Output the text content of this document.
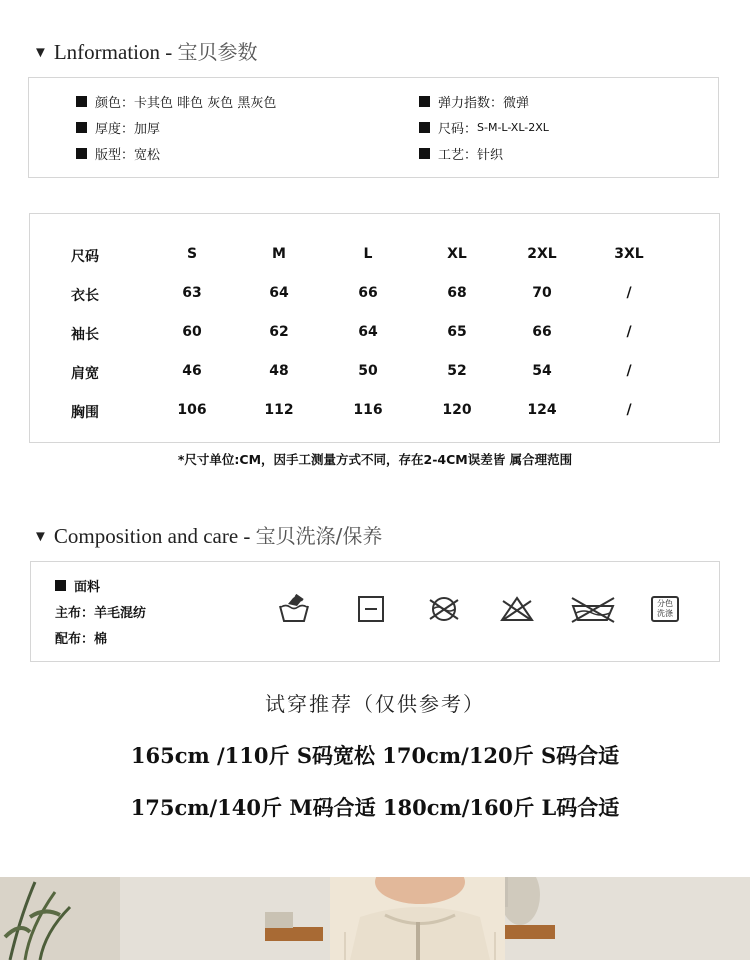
▼ Lnformation - 宝贝参数
颜色： 卡其色 啡色 灰色 黑灰色
厚度： 加厚
版型： 宽松
弹力指数： 微弹
尺码： S-M-L-XL-2XL
工艺： 针织
尺码	S	M	L	XL	2XL	3XL
衣长	63	64	66	68	70	/
袖长	60	62	64	65	66	/
肩宽	46	48	50	52	54	/
胸围	106	112	116	120	124	/
*尺寸单位:CM，因手工测量方式不同，存在2-4CM误差皆 属合理范围
▼ Composition and care - 宝贝洗涤/保养
面料
主布：羊毛混纺
配布：棉
分色
洗涤
试穿推荐（仅供参考）
165cm /110斤 S码宽松 170cm/120斤 S码合适
175cm/140斤 M码合适 180cm/160斤 L码合适
